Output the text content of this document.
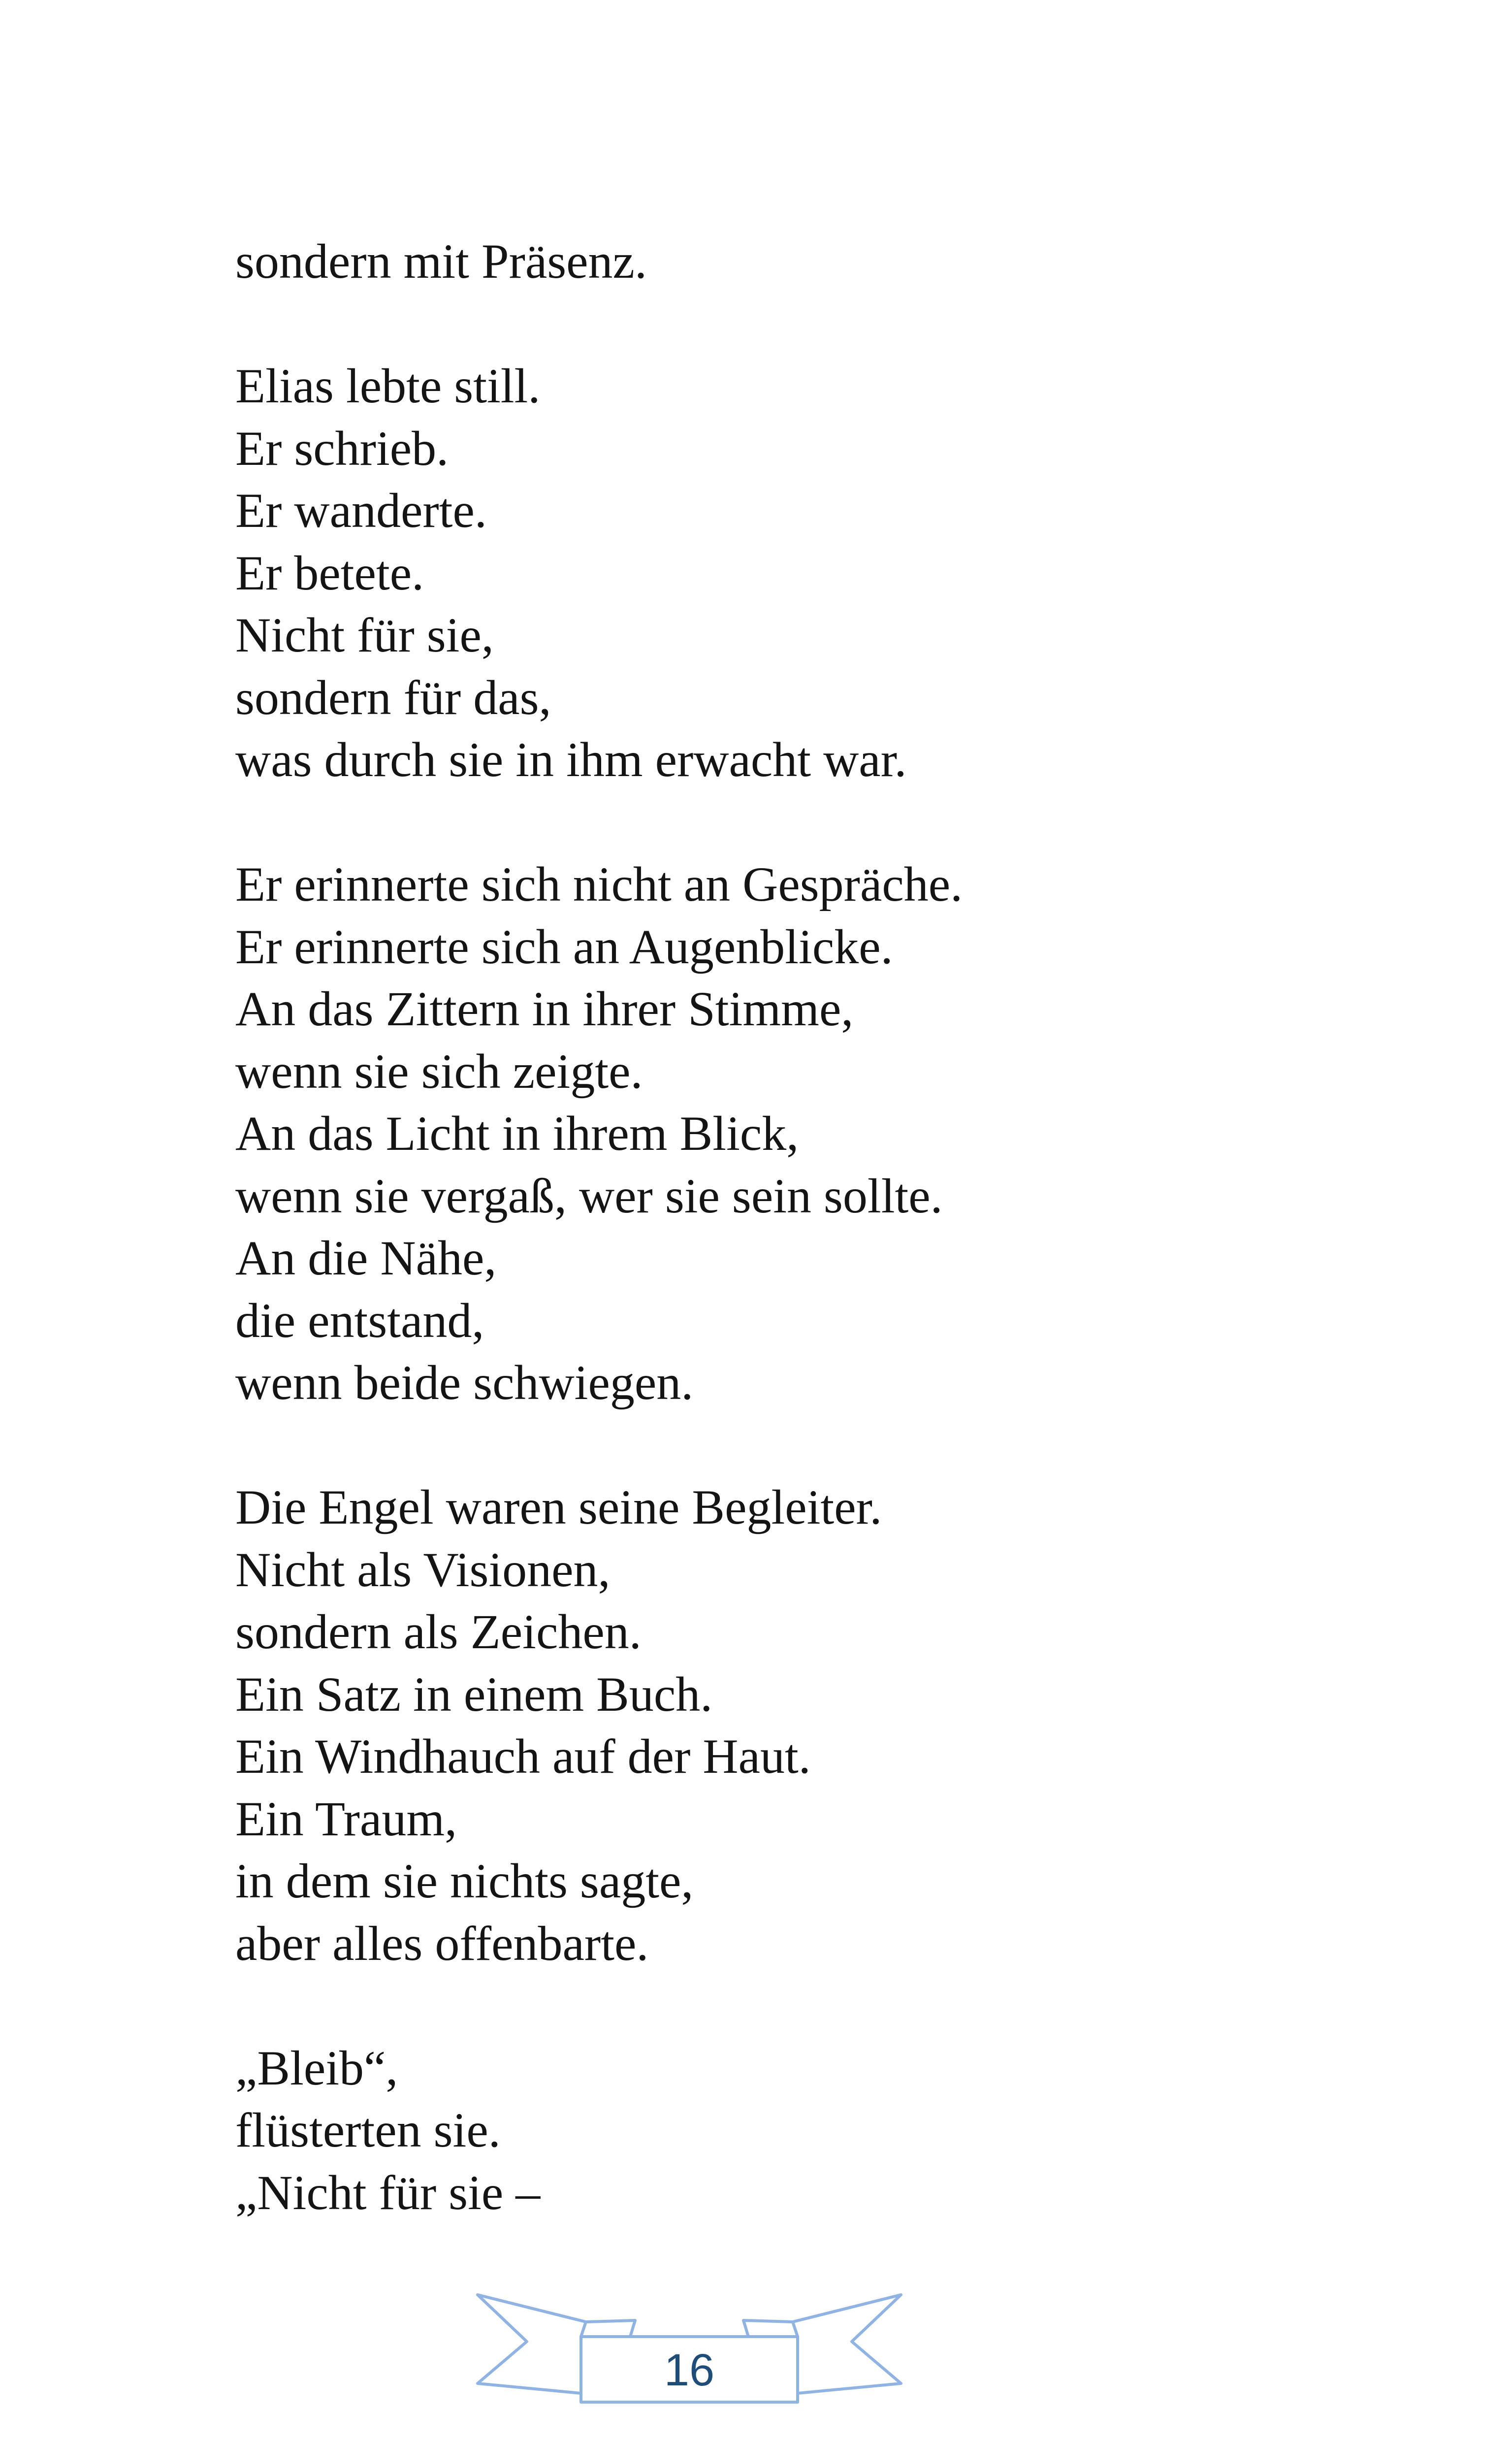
sondern mit Präsenz.
Elias lebte still.
Er schrieb.
Er wanderte.
Er betete.
Nicht für sie,
sondern für das,
was durch sie in ihm erwacht war.
Er erinnerte sich nicht an Gespräche.
Er erinnerte sich an Augenblicke.
An das Zittern in ihrer Stimme,
wenn sie sich zeigte.
An das Licht in ihrem Blick,
wenn sie vergaß, wer sie sein sollte.
An die Nähe,
die entstand,
wenn beide schwiegen.
Die Engel waren seine Begleiter.
Nicht als Visionen,
sondern als Zeichen.
Ein Satz in einem Buch.
Ein Windhauch auf der Haut.
Ein Traum,
in dem sie nichts sagte,
aber alles offenbarte.
„Bleib“,
flüsterten sie.
„Nicht für sie –
16
